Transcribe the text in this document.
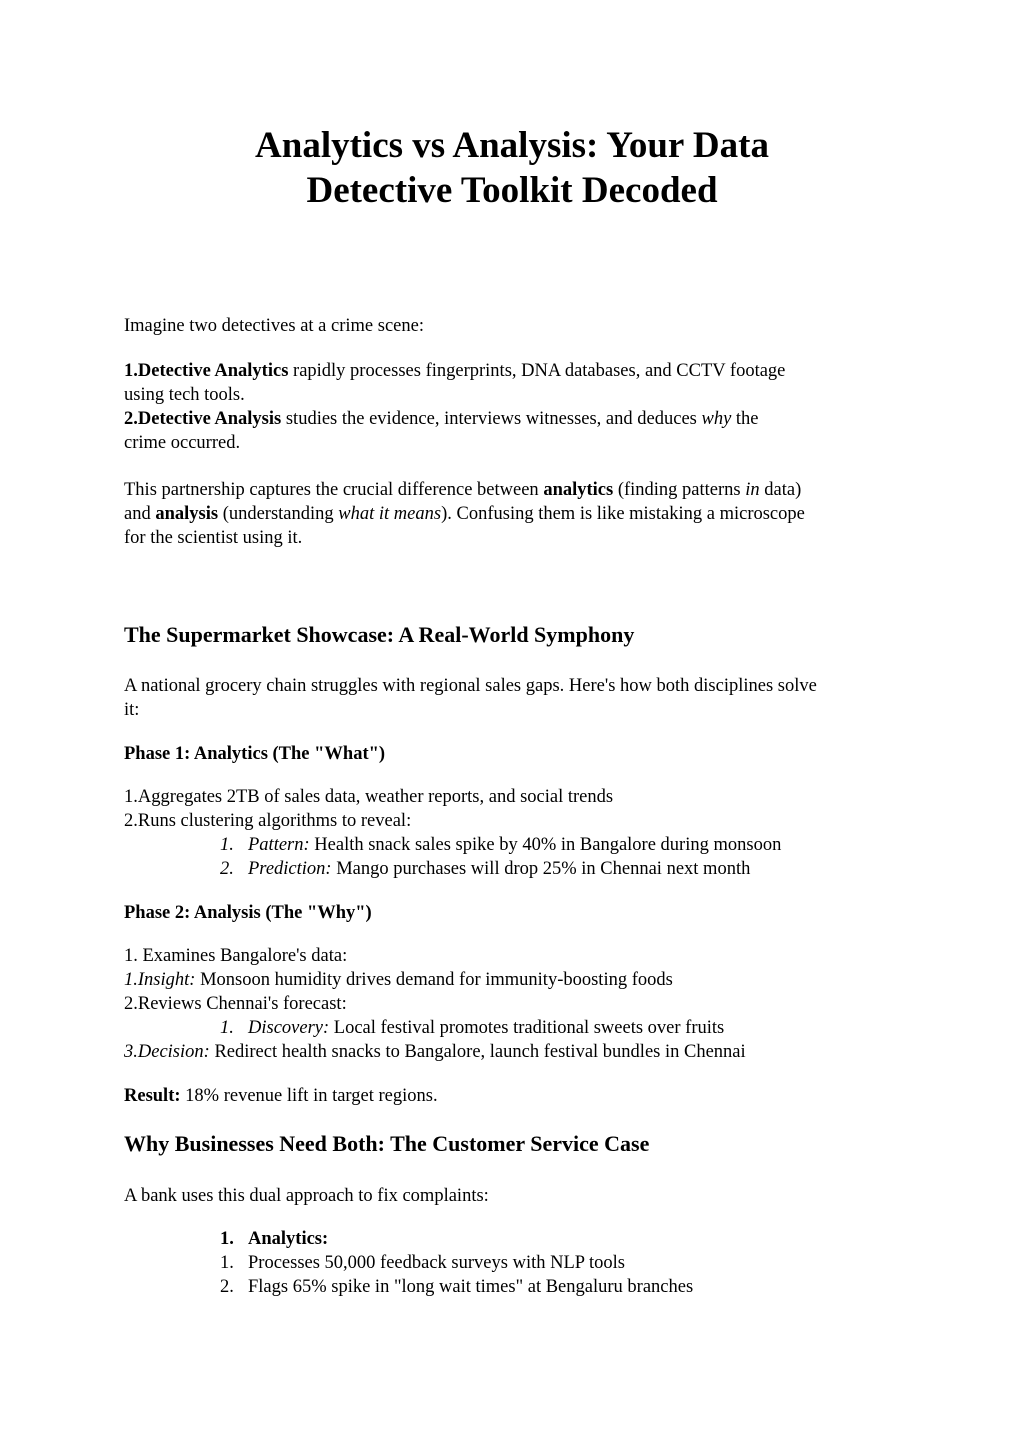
Analytics vs Analysis: Your Data
Detective Toolkit Decoded
Imagine two detectives at a crime scene:
1.Detective Analytics rapidly processes fingerprints, DNA databases, and CCTV footage
using tech tools.
2.Detective Analysis studies the evidence, interviews witnesses, and deduces why the
crime occurred.
This partnership captures the crucial difference between analytics (finding patterns in data)
and analysis (understanding what it means). Confusing them is like mistaking a microscope
for the scientist using it.
The Supermarket Showcase: A Real-World Symphony
A national grocery chain struggles with regional sales gaps. Here's how both disciplines solve
it:
Phase 1: Analytics (The "What")
1.Aggregates 2TB of sales data, weather reports, and social trends
2.Runs clustering algorithms to reveal:
1. Pattern: Health snack sales spike by 40% in Bangalore during monsoon
2. Prediction: Mango purchases will drop 25% in Chennai next month
Phase 2: Analysis (The "Why")
1. Examines Bangalore's data:
1.Insight: Monsoon humidity drives demand for immunity-boosting foods
2.Reviews Chennai's forecast:
1. Discovery: Local festival promotes traditional sweets over fruits
3.Decision: Redirect health snacks to Bangalore, launch festival bundles in Chennai
Result: 18% revenue lift in target regions.
Why Businesses Need Both: The Customer Service Case
A bank uses this dual approach to fix complaints:
1. Analytics:
1. Processes 50,000 feedback surveys with NLP tools
2. Flags 65% spike in "long wait times" at Bengaluru branches
